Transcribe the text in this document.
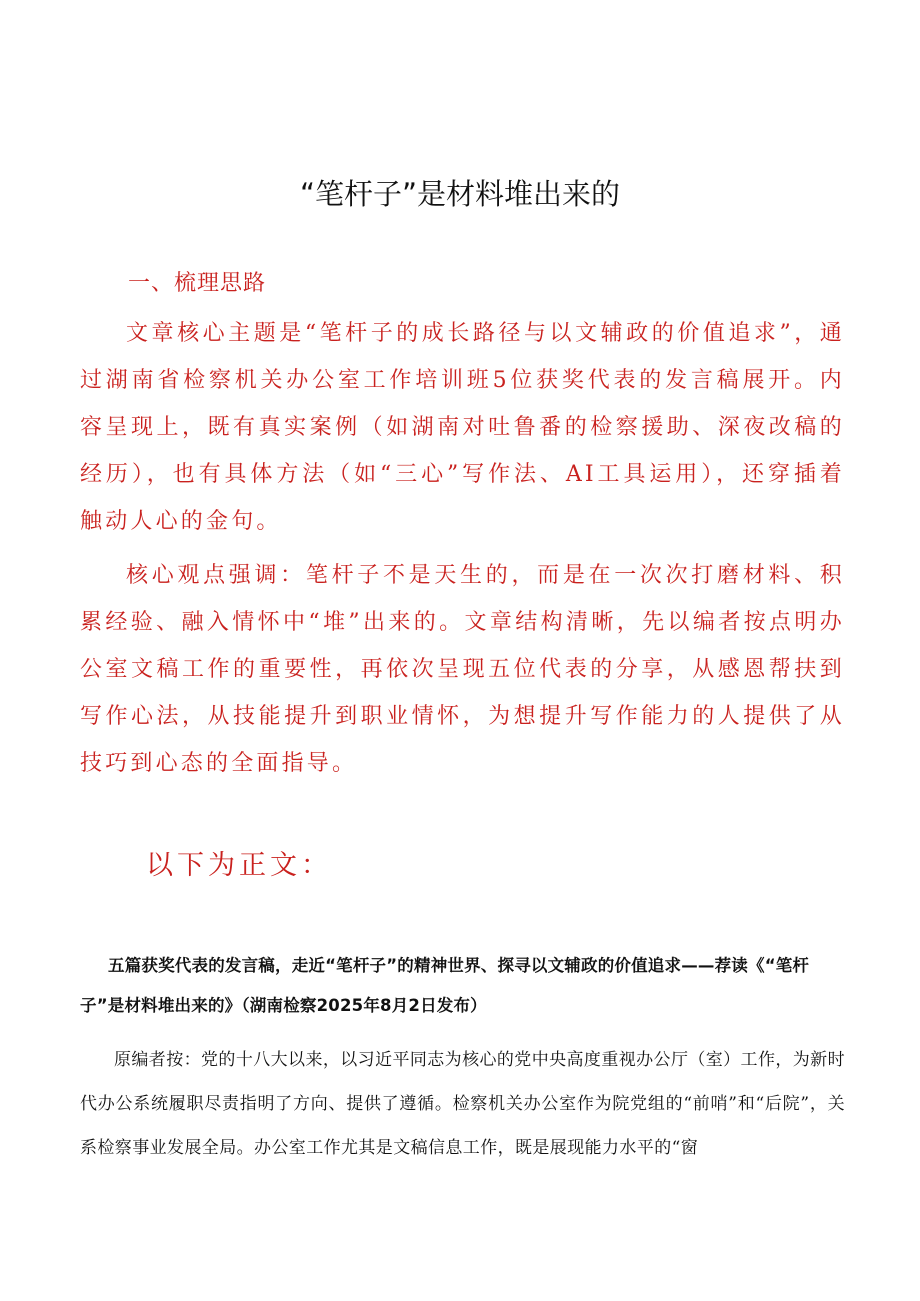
“笔杆子”是材料堆出来的
一、梳理思路

文章核心主题是“笔杆子的成长路径与以文辅政的价值追求”，通过湖南省检察机关办公室工作培训班5位获奖代表的发言稿展开。内容呈现上，既有真实案例（如湖南对吐鲁番的检察援助、深夜改稿的经历），也有具体方法（如“三心”写作法、AI工具运用），还穿插着触动人心的金句。

核心观点强调：笔杆子不是天生的，而是在一次次打磨材料、积累经验、融入情怀中“堆”出来的。文章结构清晰，先以编者按点明办公室文稿工作的重要性，再依次呈现五位代表的分享，从感恩帮扶到写作心法，从技能提升到职业情怀，为想提升写作能力的人提供了从技巧到心态的全面指导。

以下为正文：

五篇获奖代表的发言稿，走近“笔杆子”的精神世界、探寻以文辅政的价值追求——荐读《“笔杆子”是材料堆出来的》（湖南检察2025年8月2日发布）

原编者按：党的十八大以来，以习近平同志为核心的党中央高度重视办公厅（室）工作，为新时代办公系统履职尽责指明了方向、提供了遵循。检察机关办公室作为院党组的“前哨”和“后院”，关系检察事业发展全局。办公室工作尤其是文稿信息工作，既是展现能力水平的“窗
